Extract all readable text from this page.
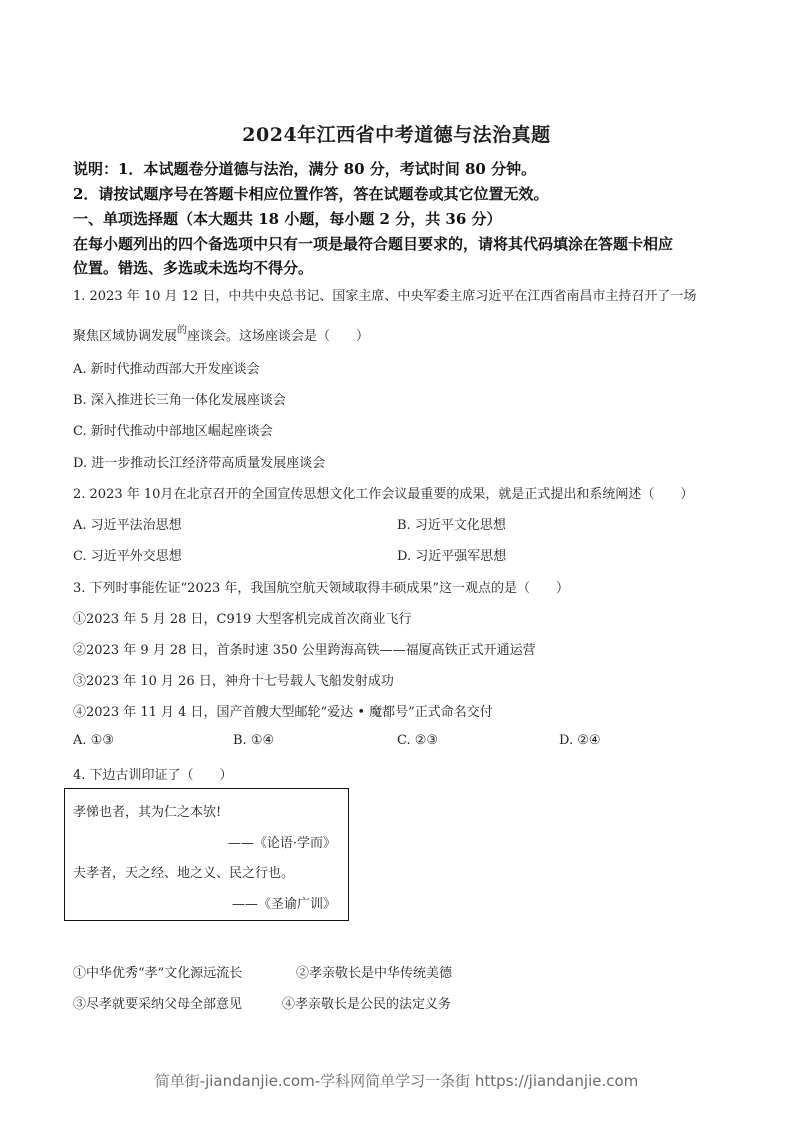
2024年江西省中考道德与法治真题
说明：1．本试题卷分道德与法治，满分 80 分，考试时间 80 分钟。
2．请按试题序号在答题卡相应位置作答，答在试题卷或其它位置无效。
一、单项选择题（本大题共 18 小题，每小题 2 分，共 36 分）
在每小题列出的四个备选项中只有一项是最符合题目要求的，请将其代码填涂在答题卡相应
位置。错选、多选或未选均不得分。
1. 2023 年 10 月 12 日，中共中央总书记、国家主席、中央军委主席习近平在江西省南昌市主持召开了一场
聚焦区域协调发展$^的$座谈会。这场座谈会是（　　）
A. 新时代推动西部大开发座谈会
B. 深入推进长三角一体化发展座谈会
C. 新时代推动中部地区崛起座谈会
D. 进一步推动长江经济带高质量发展座谈会
2. 2023 年 10月在北京召开的全国宣传思想文化工作会议最重要的成果，就是正式提出和系统阐述（　　）
A. 习近平法治思想	B. 习近平文化思想
C. 习近平外交思想	D. 习近平强军思想
3. 下列时事能佐证“2023 年，我国航空航天领域取得丰硕成果”这一观点的是（　　）
①2023 年 5 月 28 日，C919 大型客机完成首次商业飞行
②2023 年 9 月 28 日，首条时速 350 公里跨海高铁——福厦高铁正式开通运营
③2023 年 10 月 26 日，神舟十七号载人飞船发射成功
④2023 年 11 月 4 日，国产首艘大型邮轮“爱达 • 魔都号”正式命名交付
A. ①③	B. ①④	C. ②③	D. ②④
4. 下边古训印证了（　　）
孝悌也者，其为仁之本欤!
——《论语·学而》
夫孝者，天之经、地之义、民之行也。
——《圣谕广训》
①中华优秀“孝”文化源远流长	②孝亲敬长是中华传统美德
③尽孝就要采纳父母全部意见	④孝亲敬长是公民的法定义务
简单街-jiandanjie.com-学科网简单学习一条街 https://jiandanjie.com
